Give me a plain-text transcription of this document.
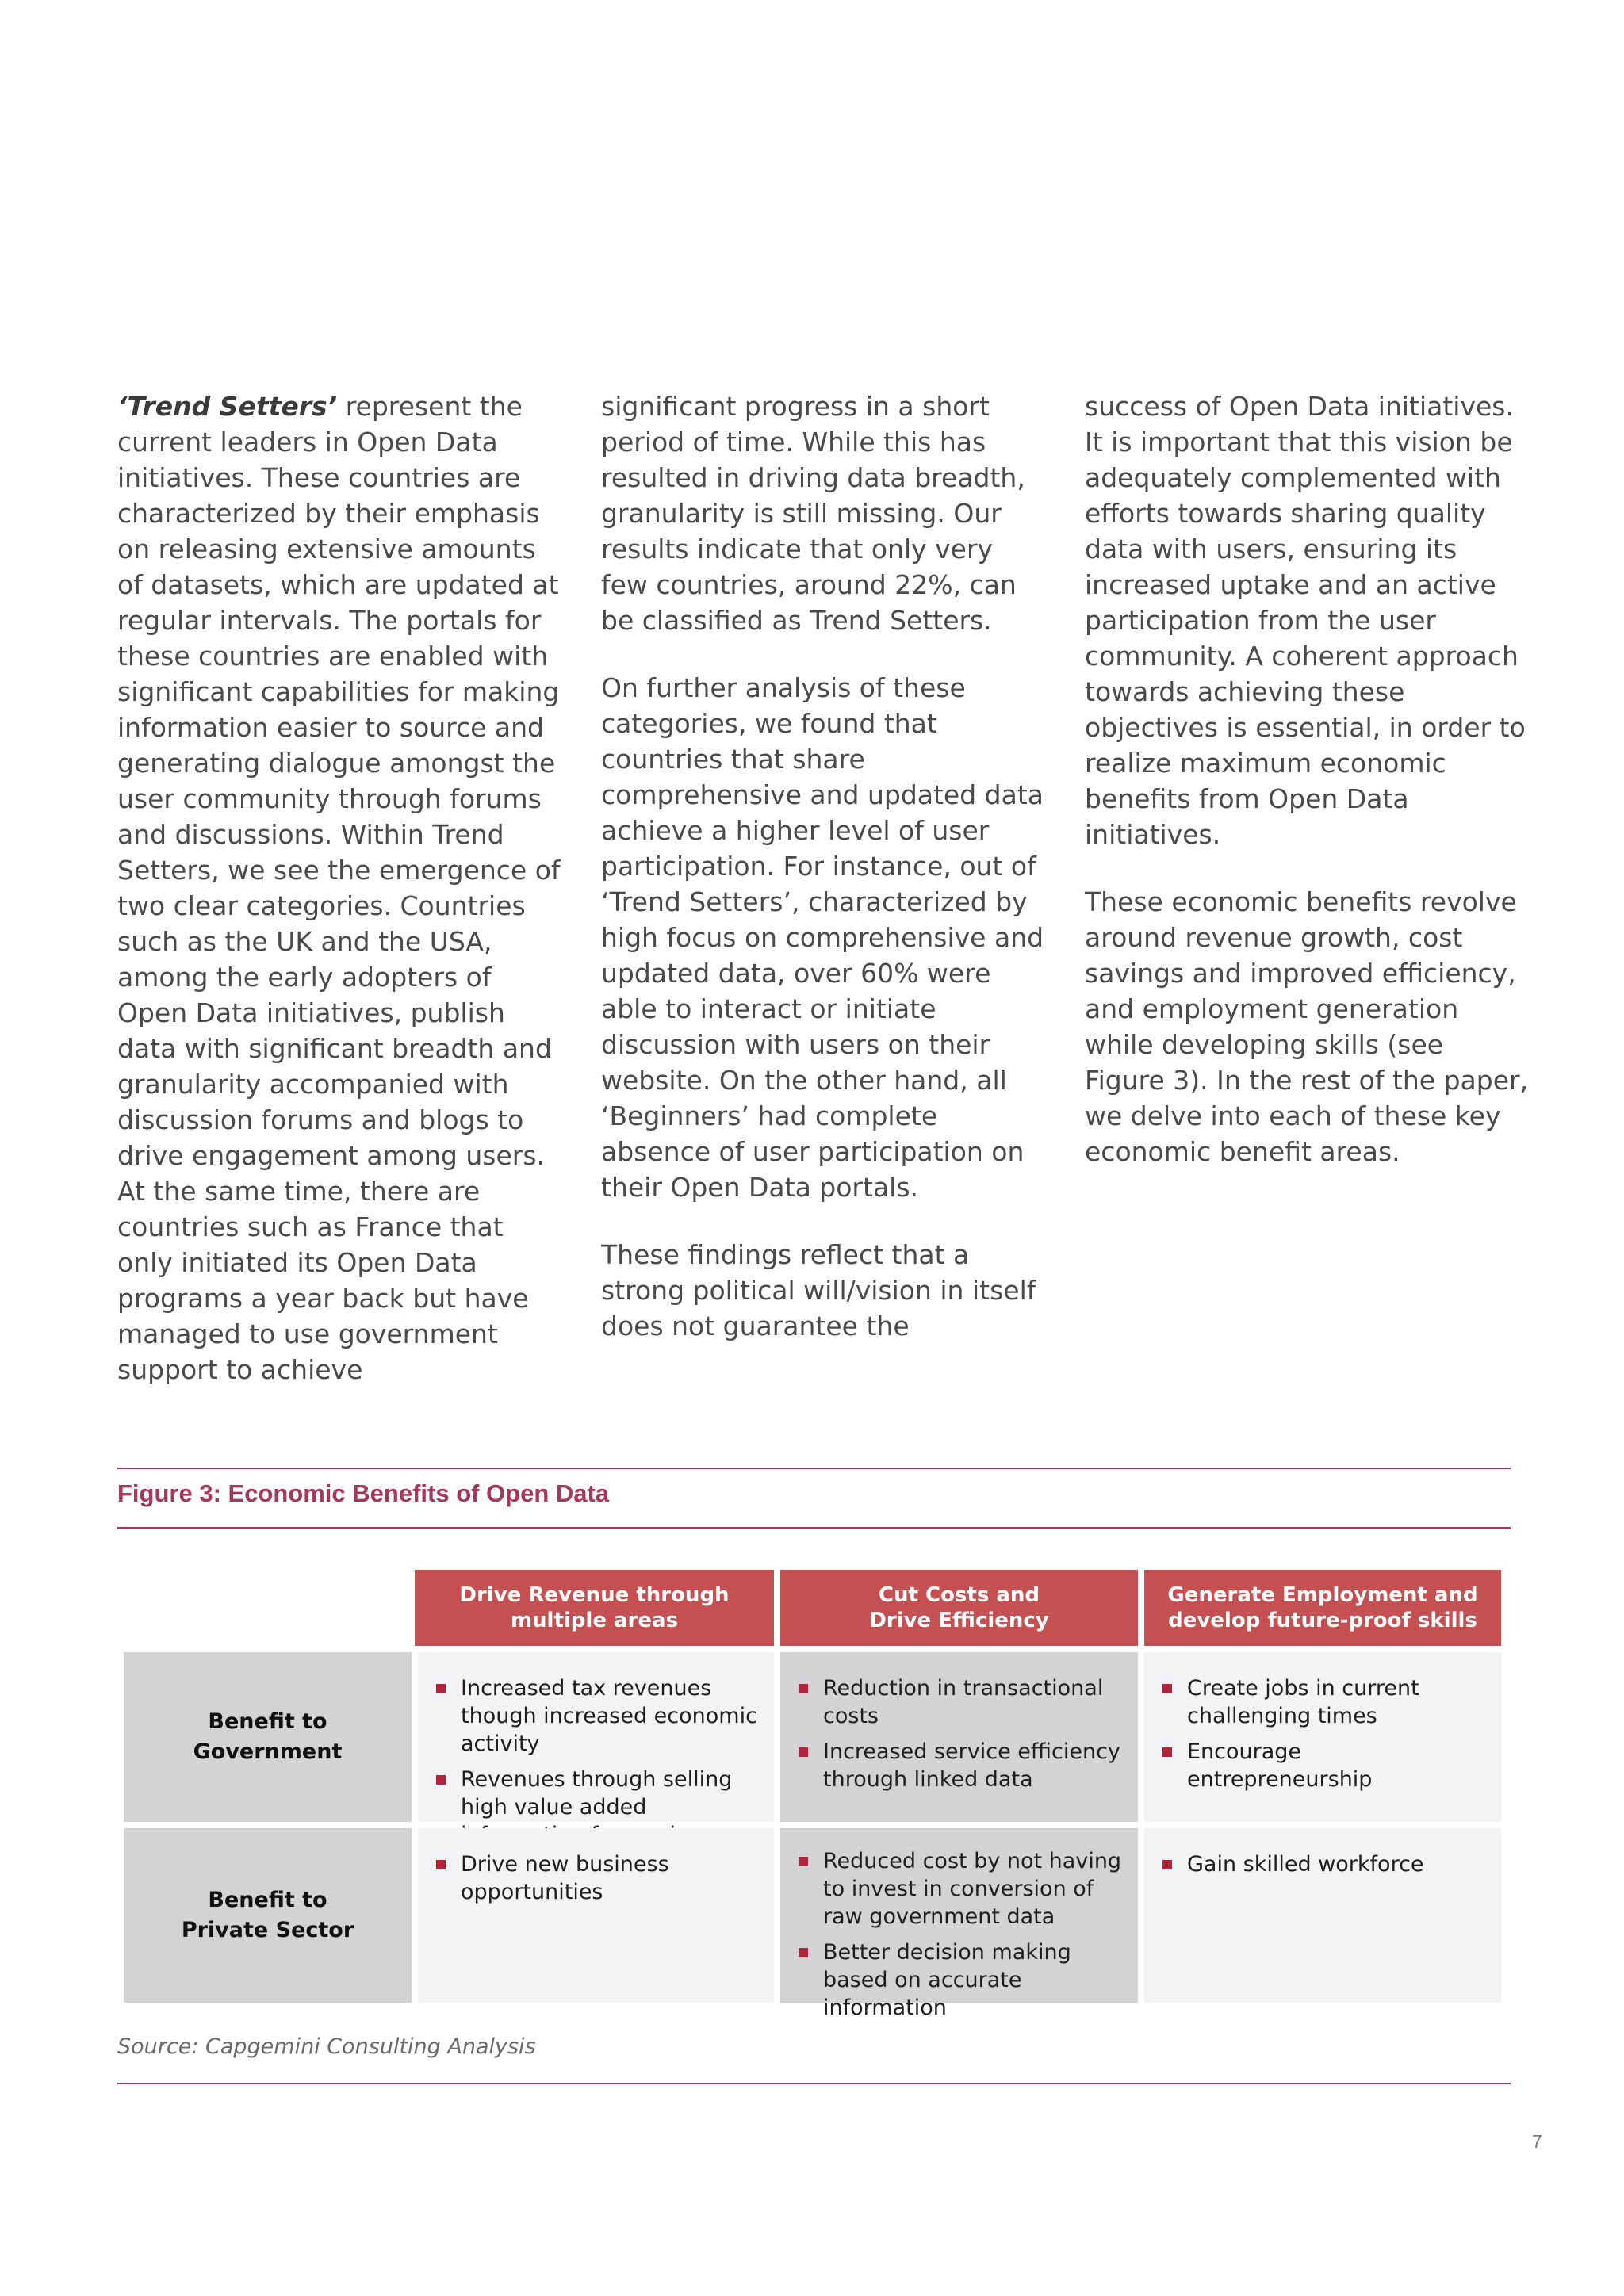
‘Trend Setters’ represent the current leaders in Open Data initiatives. These countries are characterized by their emphasis on releasing extensive amounts of datasets, which are updated at regular intervals. The portals for these countries are enabled with significant capabilities for making information easier to source and generating dialogue amongst the user community through forums and discussions. Within Trend Setters, we see the emergence of two clear categories. Countries such as the UK and the USA, among the early adopters of Open Data initiatives, publish data with significant breadth and granularity accompanied with discussion forums and blogs to drive engagement among users. At the same time, there are countries such as France that only initiated its Open Data programs a year back but have managed to use government support to achieve

significant progress in a short period of time. While this has resulted in driving data breadth, granularity is still missing. Our results indicate that only very few countries, around 22%, can be classified as Trend Setters.

On further analysis of these categories, we found that countries that share comprehensive and updated data achieve a higher level of user participation. For instance, out of ‘Trend Setters’, characterized by high focus on comprehensive and updated data, over 60% were able to interact or initiate discussion with users on their website. On the other hand, all ‘Beginners’ had complete absence of user participation on their Open Data portals.

These findings reflect that a strong political will/vision in itself does not guarantee the

success of Open Data initiatives. It is important that this vision be adequately complemented with efforts towards sharing quality data with users, ensuring its increased uptake and an active participation from the user community. A coherent approach towards achieving these objectives is essential, in order to realize maximum economic benefits from Open Data initiatives.

These economic benefits revolve around revenue growth, cost savings and improved efficiency, and employment generation while developing skills (see Figure 3). In the rest of the paper, we delve into each of these key economic benefit areas.

Figure 3: Economic Benefits of Open Data
Drive Revenue through
multiple areas
Cut Costs and
Drive Efficiency
Generate Employment and
develop future-proof skills
Benefit to
Government
Increased tax revenues though increased economic activity
Revenues through selling high value added
Reduction in transactional costs
Increased service efficiency through linked data
Create jobs in current challenging times
Encourage entrepreneurship
Benefit to
Private Sector
Drive new business opportunities
Reduced cost by not having to invest in conversion of raw government data
Better decision making based on accurate information
Gain skilled workforce
Source: Capgemini Consulting Analysis
7
